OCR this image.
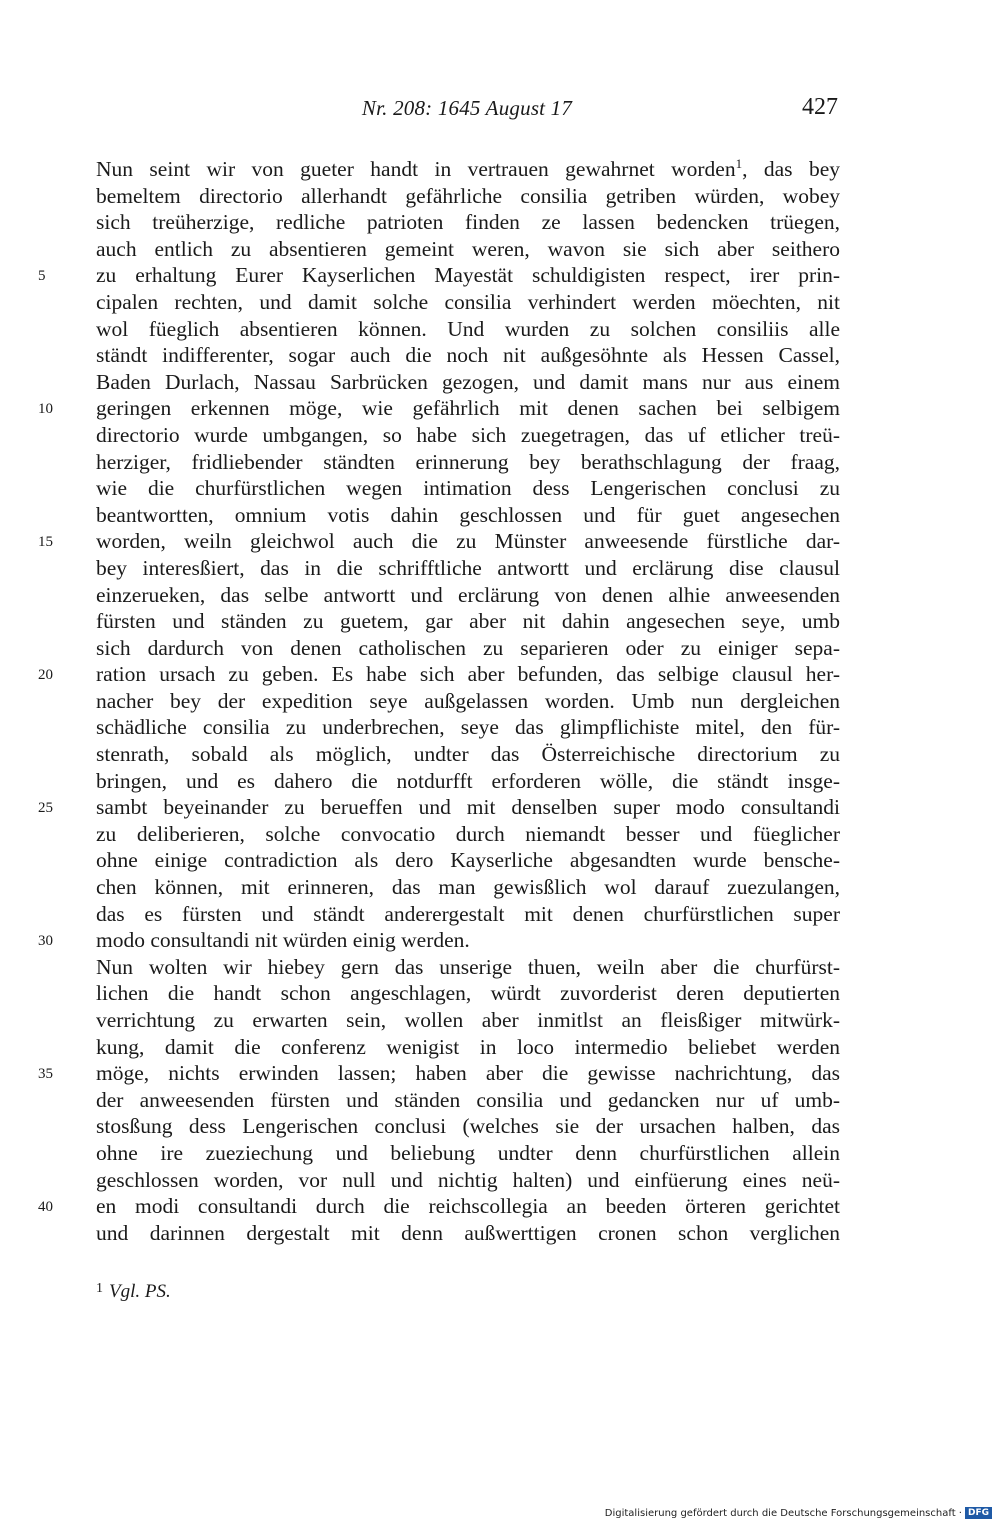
Nr. 208: 1645 August 17	427
Nun seint wir von gueter handt in vertrauen gewahrnet worden$^1$, das bey
bemeltem directorio allerhandt gefährliche consilia getriben würden, wobey
sich treüherzige, redliche patrioten finden ze lassen bedencken trüegen,
auch entlich zu absentieren gemeint weren, wavon sie sich aber seithero
5	zu erhaltung Eurer Kayserlichen Mayestät schuldigisten respect, irer prin-
cipalen rechten, und damit solche consilia verhindert werden möechten, nit
wol füeglich absentieren können. Und wurden zu solchen consiliis alle
ständt indifferenter, sogar auch die noch nit außgesöhnte als Hessen Cassel,
Baden Durlach, Nassau Sarbrücken gezogen, und damit mans nur aus einem
10	geringen erkennen möge, wie gefährlich mit denen sachen bei selbigem
directorio wurde umbgangen, so habe sich zuegetragen, das uf etlicher treü-
herziger, fridliebender ständten erinnerung bey berathschlagung der fraag,
wie die churfürstlichen wegen intimation dess Lengerischen conclusi zu
beantwortten, omnium votis dahin geschlossen und für guet angesechen
15	worden, weiln gleichwol auch die zu Münster anweesende fürstliche dar-
bey interesßiert, das in die schrifftliche antwortt und erclärung dise clausul
einzerueken, das selbe antwortt und erclärung von denen alhie anweesenden
fürsten und ständen zu guetem, gar aber nit dahin angesechen seye, umb
sich dardurch von denen catholischen zu separieren oder zu einiger sepa-
20	ration ursach zu geben. Es habe sich aber befunden, das selbige clausul her-
nacher bey der expedition seye außgelassen worden. Umb nun dergleichen
schädliche consilia zu underbrechen, seye das glimpflichiste mitel, den für-
stenrath, sobald als möglich, undter das Österreichische directorium zu
bringen, und es dahero die notdurfft erforderen wölle, die ständt insge-
25	sambt beyeinander zu berueffen und mit denselben super modo consultandi
zu deliberieren, solche convocatio durch niemandt besser und füeglicher
ohne einige contradiction als dero Kayserliche abgesandten wurde bensche-
chen können, mit erinneren, das man gewisßlich wol darauf zuezulangen,
das es fürsten und ständt anderergestalt mit denen churfürstlichen super
30	modo consultandi nit würden einig werden.
Nun wolten wir hiebey gern das unserige thuen, weiln aber die churfürst-
lichen die handt schon angeschlagen, würdt zuvorderist deren deputierten
verrichtung zu erwarten sein, wollen aber inmitlst an fleisßiger mitwürk-
kung, damit die conferenz wenigist in loco intermedio beliebet werden
35	möge, nichts erwinden lassen; haben aber die gewisse nachrichtung, das
der anweesenden fürsten und ständen consilia und gedancken nur uf umb-
stosßung dess Lengerischen conclusi (welches sie der ursachen halben, das
ohne ire zueziechung und beliebung undter denn churfürstlichen allein
geschlossen worden, vor null und nichtig halten) und einfüerung eines neü-
40	en modi consultandi durch die reichscollegia an beeden örteren gerichtet
und darinnen dergestalt mit denn außwerttigen cronen schon verglichen
$^1$ Vgl. PS.
Digitalisierung gefördert durch die Deutsche Forschungsgemeinschaft · DFG
